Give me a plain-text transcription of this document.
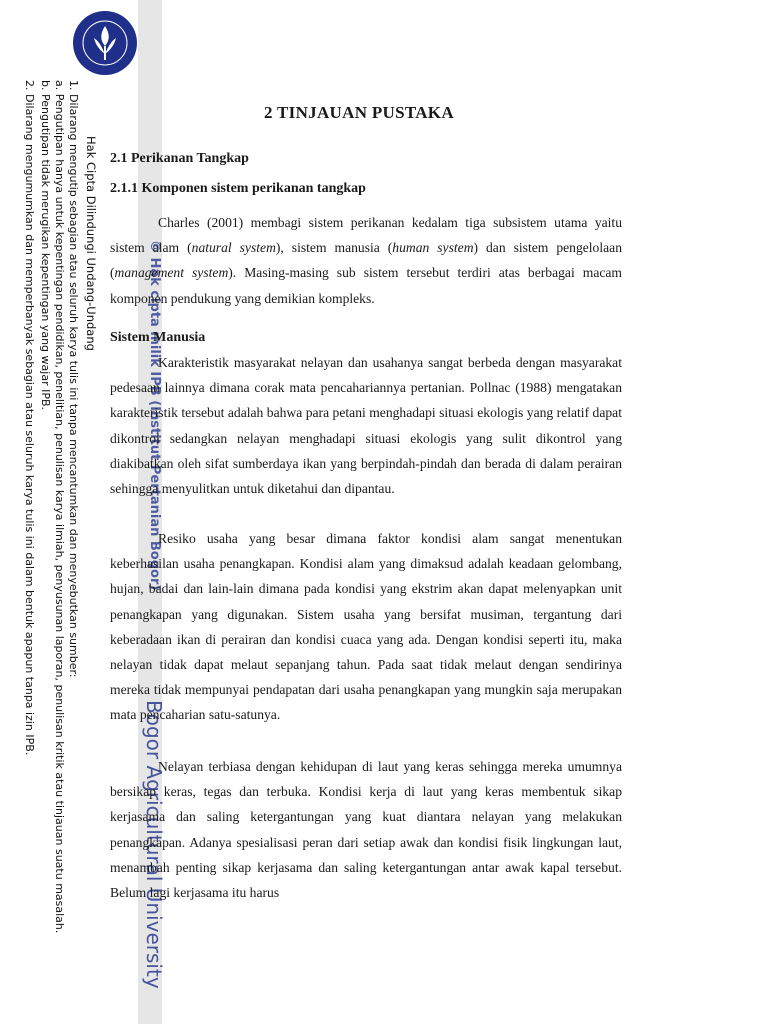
Hak Cipta Dilindungi Undang-Undang
1. Dilarang mengutip sebagian atau seluruh karya tulis ini tanpa mencantumkan dan menyebutkan sumber:
a. Pengutipan hanya untuk kepentingan pendidikan, penelitian, penulisan karya ilmiah, penyusunan laporan, penulisan kritik atau tinjauan suatu masalah.
b. Pengutipan tidak merugikan kepentingan yang wajar IPB.
2. Dilarang mengumumkan dan memperbanyak sebagian atau seluruh karya tulis ini dalam bentuk apapun tanpa izin IPB.	© Hak cipta milik IPB (Institut Pertanian Bogor)
Bogor Agricultural University
2 TINJAUAN PUSTAKA
2.1 Perikanan Tangkap
2.1.1 Komponen sistem perikanan tangkap

Charles (2001) membagi sistem perikanan kedalam tiga subsistem utama yaitu sistem alam (natural system), sistem manusia (human system) dan sistem pengelolaan (management system). Masing-masing sub sistem tersebut terdiri atas berbagai macam komponen pendukung yang demikian kompleks.

Sistem Manusia

Karakteristik masyarakat nelayan dan usahanya sangat berbeda dengan masyarakat pedesaan lainnya dimana corak mata pencahariannya pertanian. Pollnac (1988) mengatakan karakteristik tersebut adalah bahwa para petani menghadapi situasi ekologis yang relatif dapat dikontrol sedangkan nelayan menghadapi situasi ekologis yang sulit dikontrol yang diakibatkan oleh sifat sumberdaya ikan yang berpindah-pindah dan berada di dalam perairan sehingga menyulitkan untuk diketahui dan dipantau.

Resiko usaha yang besar dimana faktor kondisi alam sangat menentukan keberhasilan usaha penangkapan. Kondisi alam yang dimaksud adalah keadaan gelombang, hujan, badai dan lain-lain dimana pada kondisi yang ekstrim akan dapat melenyapkan unit penangkapan yang digunakan. Sistem usaha yang bersifat musiman, tergantung dari keberadaan ikan di perairan dan kondisi cuaca yang ada. Dengan kondisi seperti itu, maka nelayan tidak dapat melaut sepanjang tahun. Pada saat tidak melaut dengan sendirinya mereka tidak mempunyai pendapatan dari usaha penangkapan yang mungkin saja merupakan mata pencaharian satu-satunya.

Nelayan terbiasa dengan kehidupan di laut yang keras sehingga mereka umumnya bersikap keras, tegas dan terbuka. Kondisi kerja di laut yang keras membentuk sikap kerjasama dan saling ketergantungan yang kuat diantara nelayan yang melakukan penangkapan. Adanya spesialisasi peran dari setiap awak dan kondisi fisik lingkungan laut, menambah penting sikap kerjasama dan saling ketergantungan antar awak kapal tersebut. Belum lagi kerjasama itu harus
